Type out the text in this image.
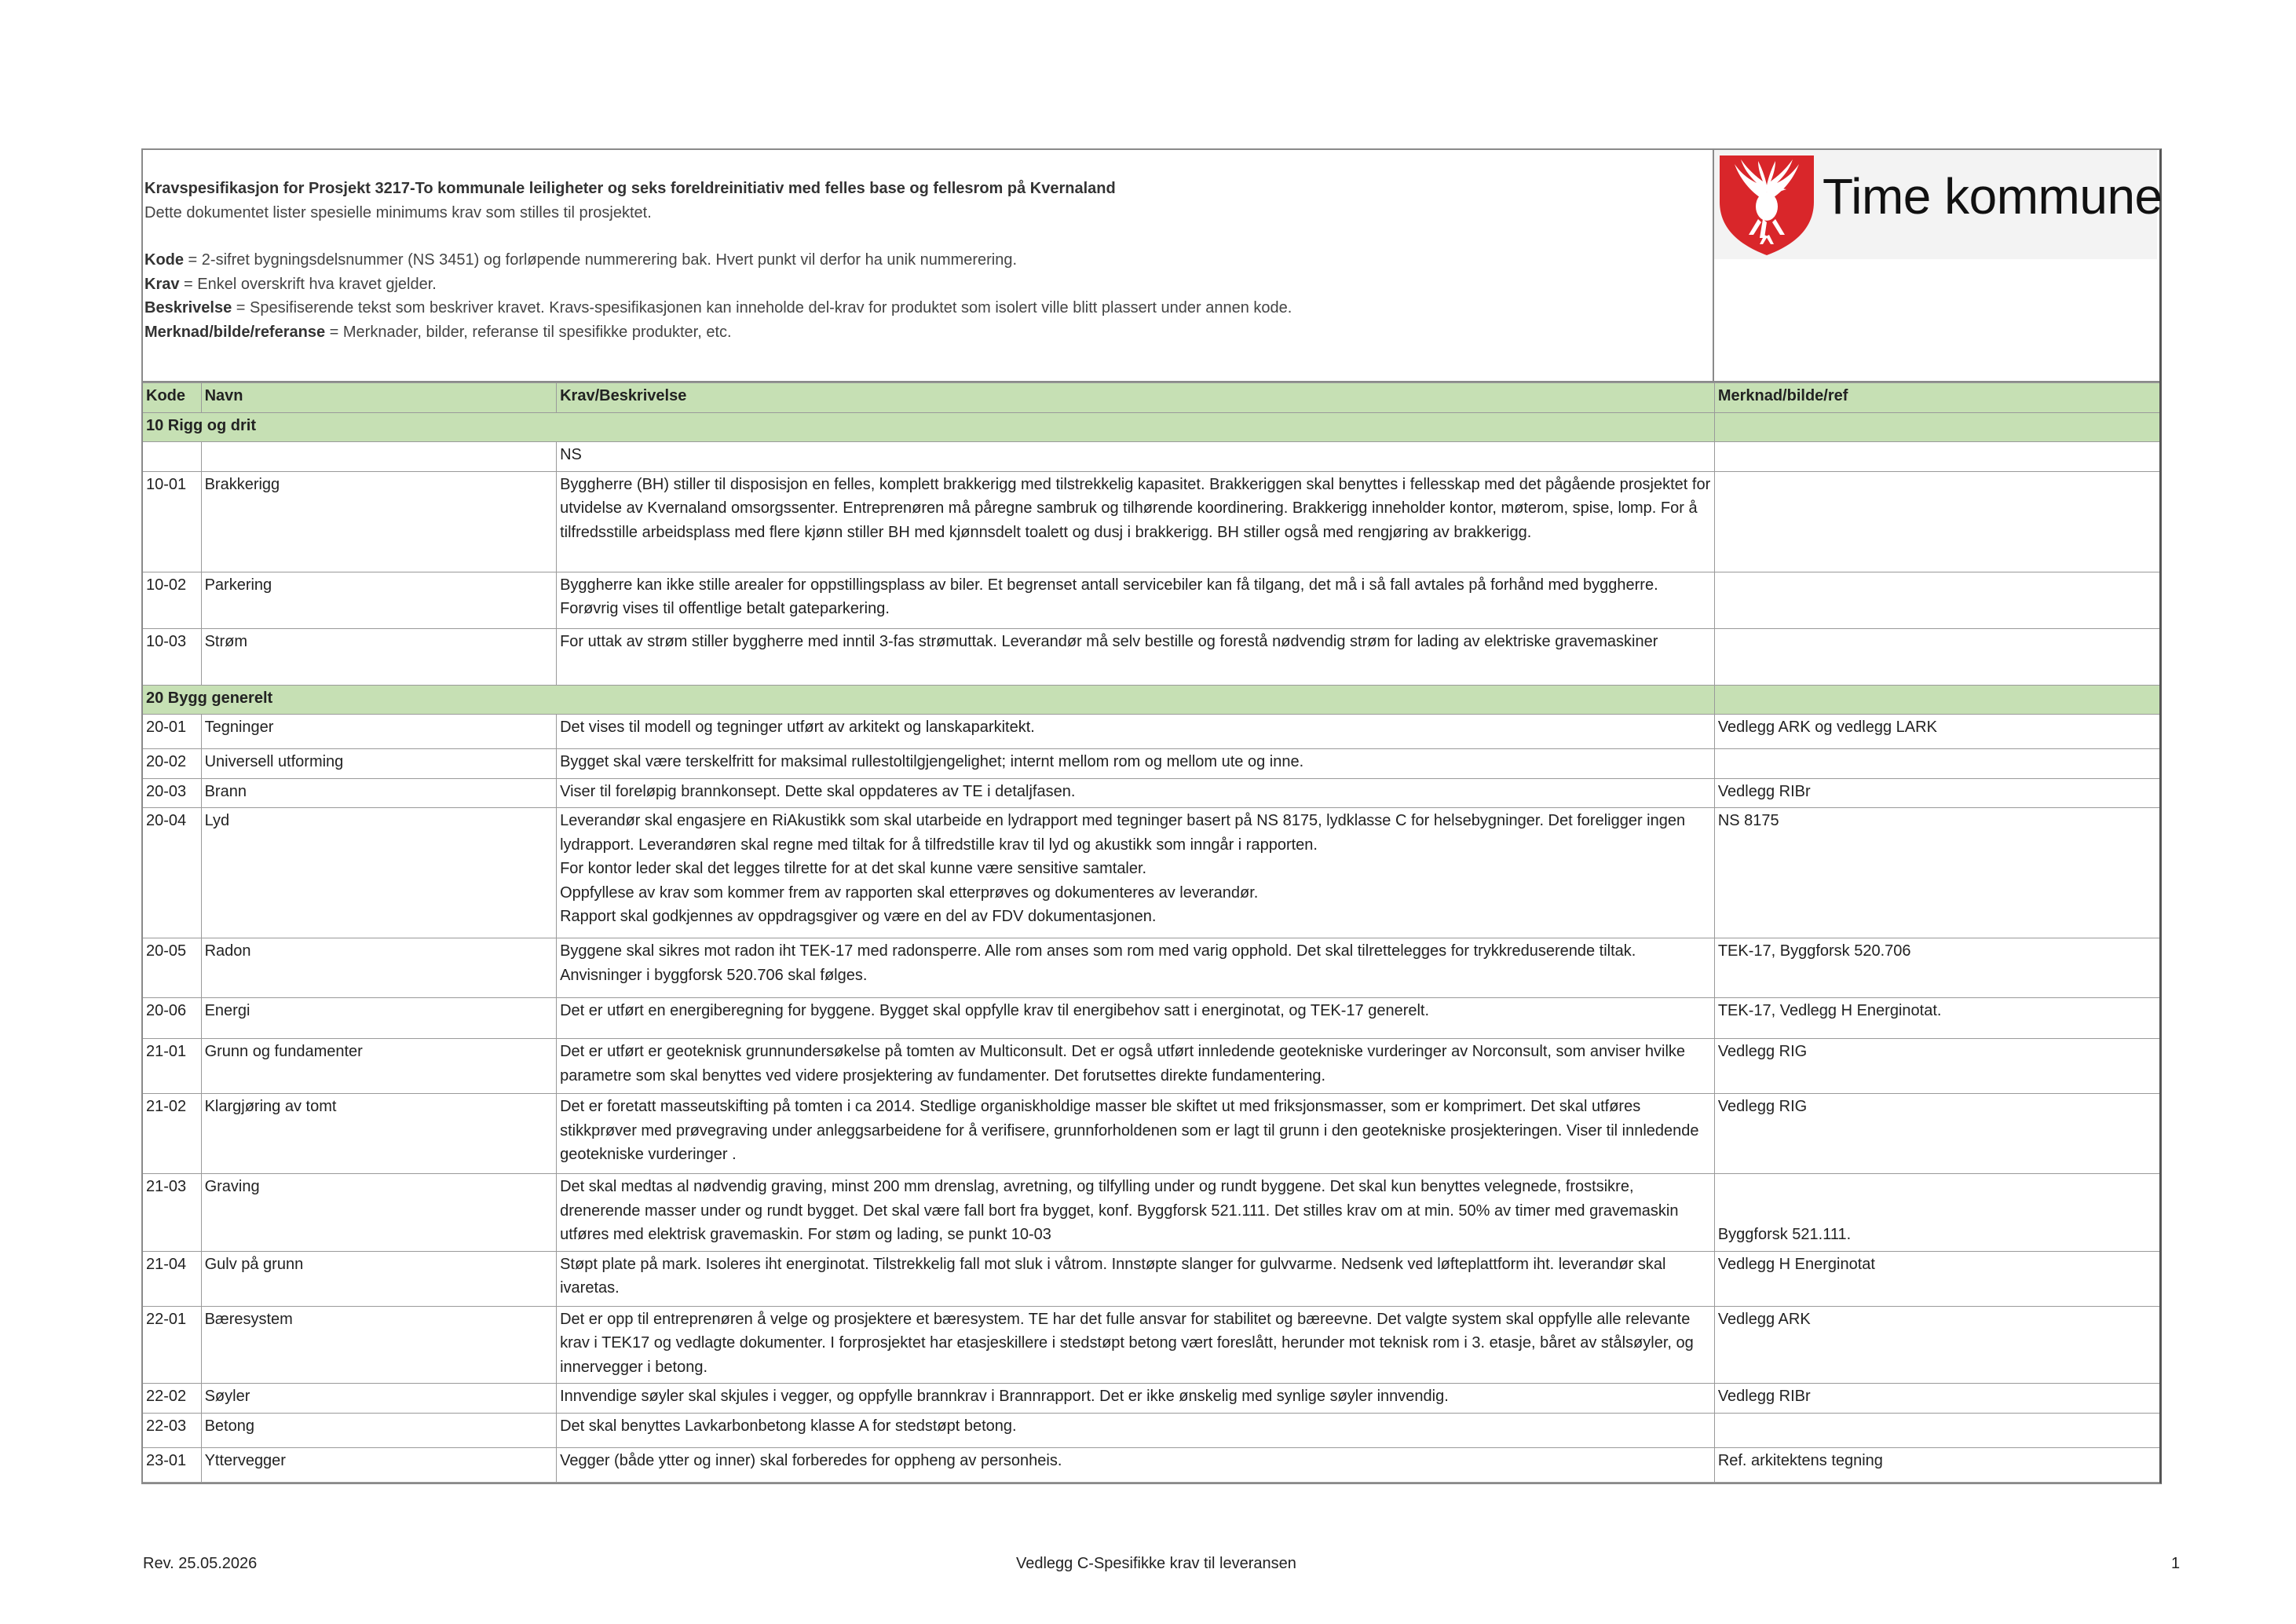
Kravspesifikasjon for Prosjekt 3217-To kommunale leiligheter og seks foreldreinitiativ med felles base og fellesrom på Kvernaland
Dette dokumentet lister spesielle minimums krav som stilles til prosjektet.
Kode = 2-sifret bygningsdelsnummer (NS 3451) og forløpende nummerering bak. Hvert punkt vil derfor ha unik nummerering.
Krav = Enkel overskrift hva kravet gjelder.
Beskrivelse = Spesifiserende tekst som beskriver kravet. Kravs-spesifikasjonen kan inneholde del-krav for produktet som isolert ville blitt plassert under annen kode.
Merknad/bilde/referanse = Merknader, bilder, referanse til spesifikke produkter, etc.
Time kommune
Kode	Navn	Krav/Beskrivelse	Merknad/bilde/ref
10 Rigg og drit			
		NS	
10-01	Brakkerigg	Byggherre (BH) stiller til disposisjon en felles, komplett brakkerigg med tilstrekkelig kapasitet. Brakkeriggen skal benyttes i fellesskap med det pågående prosjektet for utvidelse av Kvernaland omsorgssenter. Entreprenøren må påregne sambruk og tilhørende koordinering. Brakkerigg inneholder kontor, møterom, spise, lomp. For å tilfredsstille arbeidsplass med flere kjønn stiller BH med kjønnsdelt toalett og dusj i brakkerigg. BH stiller også med rengjøring av brakkerigg.	
10-02	Parkering	Byggherre kan ikke stille arealer for oppstillingsplass av biler. Et begrenset antall servicebiler kan få tilgang, det må i så fall avtales på forhånd med byggherre. Forøvrig vises til offentlige betalt gateparkering.	
10-03	Strøm	For uttak av strøm stiller byggherre med inntil 3-fas strømuttak. Leverandør må selv bestille og forestå nødvendig strøm for lading av elektriske gravemaskiner	
20 Bygg generelt			
20-01	Tegninger	Det vises til modell og tegninger utført av arkitekt og lanskaparkitekt.	Vedlegg ARK og vedlegg LARK
20-02	Universell utforming	Bygget skal være terskelfritt for maksimal rullestoltilgjengelighet; internt mellom rom og mellom ute og inne.	
20-03	Brann	Viser til foreløpig brannkonsept. Dette skal oppdateres av TE i detaljfasen.	Vedlegg RIBr
20-04	Lyd	Leverandør skal engasjere en RiAkustikk som skal utarbeide en lydrapport med tegninger basert på NS 8175, lydklasse C for helsebygninger. Det foreligger ingen lydrapport. Leverandøren skal regne med tiltak for å tilfredstille krav til lyd og akustikk som inngår i rapporten.
For kontor leder skal det legges tilrette for at det skal kunne være sensitive samtaler.
Oppfyllese av krav som kommer frem av rapporten skal etterprøves og dokumenteres av leverandør.
Rapport skal godkjennes av oppdragsgiver og være en del av FDV dokumentasjonen.	NS 8175
20-05	Radon	Byggene skal sikres mot radon iht TEK-17 med radonsperre. Alle rom anses som rom med varig opphold. Det skal tilrettelegges for trykkreduserende tiltak. Anvisninger i byggforsk 520.706 skal følges.	TEK-17, Byggforsk 520.706
20-06	Energi	Det er utført en energiberegning for byggene. Bygget skal oppfylle krav til energibehov satt i energinotat, og TEK-17 generelt.	TEK-17, Vedlegg H Energinotat.
21-01	Grunn og fundamenter	Det er utført er geoteknisk grunnundersøkelse på tomten av Multiconsult. Det er også utført innledende geotekniske vurderinger av Norconsult, som anviser hvilke parametre som skal benyttes ved videre prosjektering av fundamenter. Det forutsettes direkte fundamentering.	Vedlegg RIG
21-02	Klargjøring av tomt	Det er foretatt masseutskifting på tomten i ca 2014. Stedlige organiskholdige masser ble skiftet ut med friksjonsmasser, som er komprimert. Det skal utføres stikkprøver med prøvegraving under anleggsarbeidene for å verifisere, grunnforholdenen som er lagt til grunn i den geotekniske prosjekteringen. Viser til innledende geotekniske vurderinger .	Vedlegg RIG
21-03	Graving	Det skal medtas al nødvendig graving, minst 200 mm drenslag, avretning, og tilfylling under og rundt byggene. Det skal kun benyttes velegnede, frostsikre, drenerende masser under og rundt bygget. Det skal være fall bort fra bygget, konf. Byggforsk 521.111. Det stilles krav om at min. 50% av timer med gravemaskin utføres med elektrisk gravemaskin. For støm og lading, se punkt 10-03	Byggforsk 521.111.
21-04	Gulv på grunn	Støpt plate på mark. Isoleres iht energinotat. Tilstrekkelig fall mot sluk i våtrom. Innstøpte slanger for gulvvarme. Nedsenk ved løfteplattform iht. leverandør skal ivaretas.	Vedlegg H Energinotat
22-01	Bæresystem	Det er opp til entreprenøren å velge og prosjektere et bæresystem. TE har det fulle ansvar for stabilitet og bæreevne. Det valgte system skal oppfylle alle relevante krav i TEK17 og vedlagte dokumenter. I forprosjektet har etasjeskillere i stedstøpt betong vært foreslått, herunder mot teknisk rom i 3. etasje, båret av stålsøyler, og innervegger i betong.	Vedlegg ARK
22-02	Søyler	Innvendige søyler skal skjules i vegger, og oppfylle brannkrav i Brannrapport. Det er ikke ønskelig med synlige søyler innvendig.	Vedlegg RIBr
22-03	Betong	Det skal benyttes Lavkarbonbetong klasse A for stedstøpt betong.	
23-01	Yttervegger	Vegger (både ytter og inner) skal forberedes for oppheng av personheis.	Ref. arkitektens tegning
Rev. 25.05.2026	Vedlegg C-Spesifikke krav til leveransen	1
